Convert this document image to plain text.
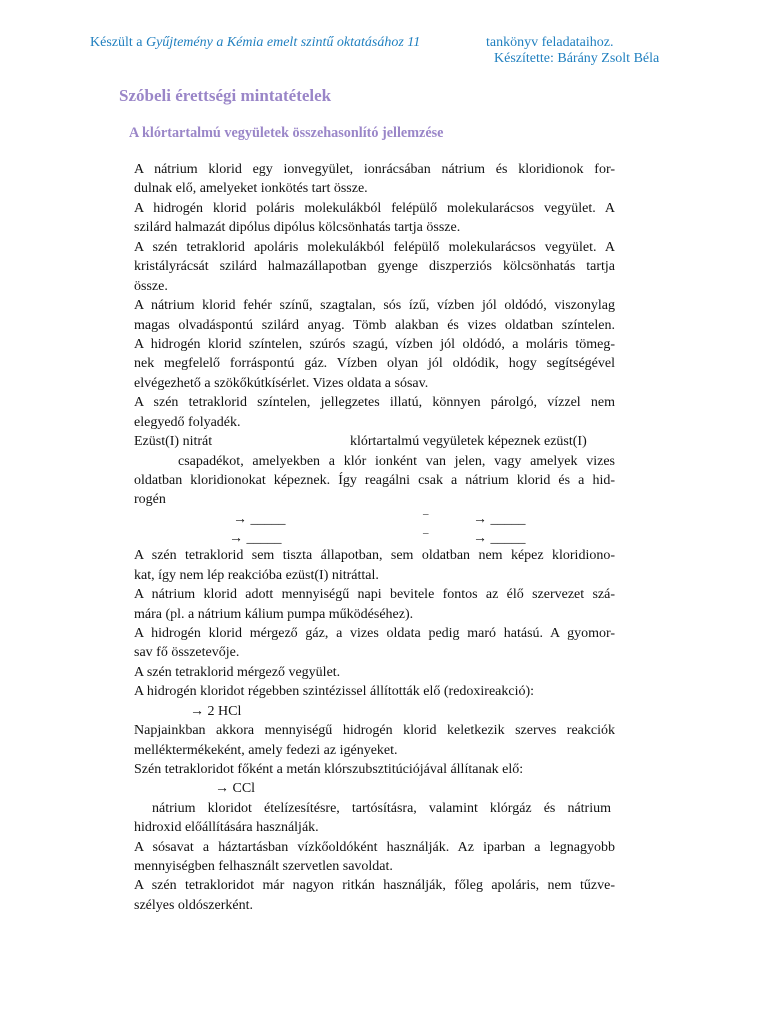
Készült a Gyűjtemény a Kémia emelt szintű oktatásához 11	tankönyv feladataihoz.
Készítette: Bárány Zsolt Béla
Szóbeli érettségi mintatételek
A klórtartalmú vegyületek összehasonlító jellemzése
A nátrium klorid egy ionvegyület, ionrácsában nátrium és kloridionok for-
dulnak elő, amelyeket ionkötés tart össze.
A hidrogén klorid poláris molekulákból felépülő molekularácsos vegyület. A
szilárd halmazát dipólus dipólus kölcsönhatás tartja össze.
A szén tetraklorid apoláris molekulákból felépülő molekularácsos vegyület. A
kristályrácsát szilárd halmazállapotban gyenge diszperziós kölcsönhatás tartja
össze.
A nátrium klorid fehér színű, szagtalan, sós ízű, vízben jól oldódó, viszonylag
magas olvadáspontú szilárd anyag. Tömb alakban és vizes oldatban színtelen.
A hidrogén klorid színtelen, szúrós szagú, vízben jól oldódó, a moláris tömeg-
nek megfelelő forráspontú gáz. Vízben olyan jól oldódik, hogy segítségével
elvégezhető a szökőkútkísérlet. Vizes oldata a sósav.
A szén tetraklorid színtelen, jellegzetes illatú, könnyen párolgó, vízzel nem
elegyedő folyadék.
Ezüst(I) nitrát	klórtartalmú vegyületek képeznek ezüst(I)
csapadékot, amelyekben a klór ionként van jelen, vagy amelyek vizes
oldatban kloridionokat képeznek. Így reagálni csak a nátrium klorid és a hid-
rogén
→ _____
→ _____
–
–
→ _____
→ _____
A szén tetraklorid sem tiszta állapotban, sem oldatban nem képez kloridiono-
kat, így nem lép reakcióba ezüst(I) nitráttal.
A nátrium klorid adott mennyiségű napi bevitele fontos az élő szervezet szá-
mára (pl. a nátrium kálium pumpa működéséhez).
A hidrogén klorid mérgező gáz, a vizes oldata pedig maró hatású. A gyomor-
sav fő összetevője.
A szén tetraklorid mérgező vegyület.
A hidrogén kloridot régebben szintézissel állították elő (redoxireakció):
→ 2 HCl
Napjainkban akkora mennyiségű hidrogén klorid keletkezik szerves reakciók
melléktermékeként, amely fedezi az igényeket.
Szén tetrakloridot főként a metán klórszubsztitúciójával állítanak elő:
→ CCl
nátrium kloridot ételízesítésre, tartósításra, valamint klórgáz és nátrium
hidroxid előállítására használják.
A sósavat a háztartásban vízkőoldóként használják. Az iparban a legnagyobb
mennyiségben felhasznált szervetlen savoldat.
A szén tetrakloridot már nagyon ritkán használják, főleg apoláris, nem tűzve-
szélyes oldószerként.
